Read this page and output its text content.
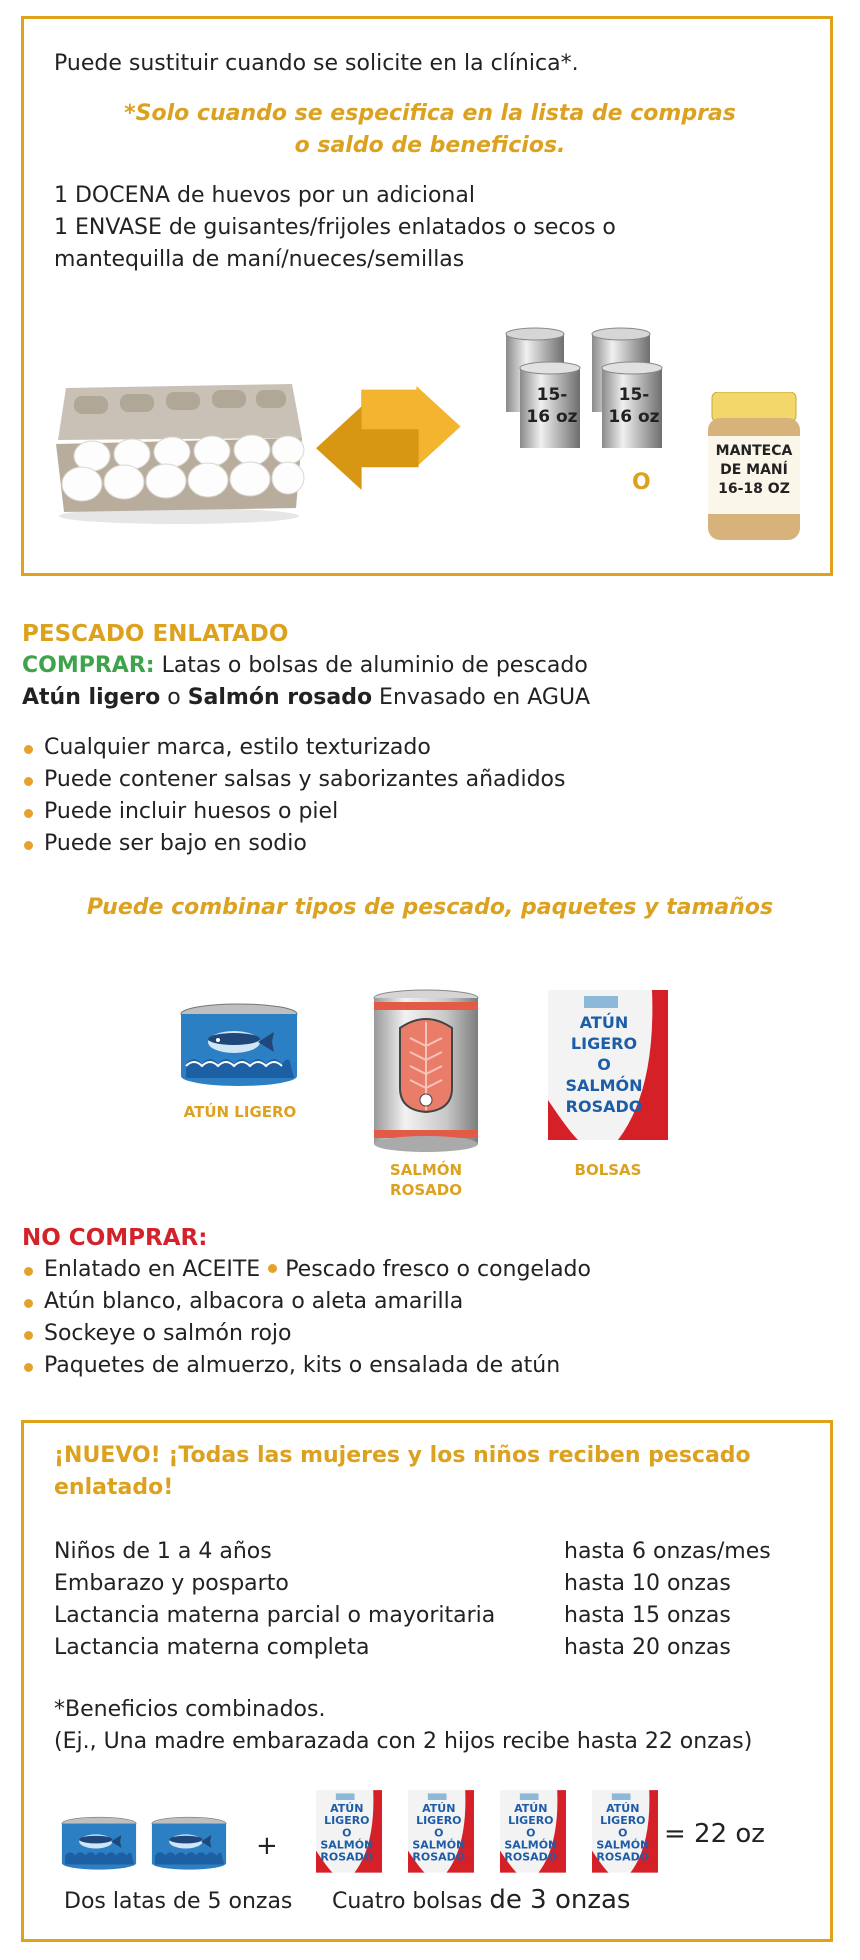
Puede sustituir cuando se solicite en la clínica*.
*Solo cuando se especifica en la lista de compras
o saldo de beneficios.
1 DOCENA de huevos por un adicional
1 ENVASE de guisantes/frijoles enlatados o secos o
mantequilla de maní/nueces/semillas
15-
16 oz
15-
16 oz
O
MANTECA
DE MANÍ
16-18 OZ
PESCADO ENLATADO
COMPRAR: Latas o bolsas de aluminio de pescado
Atún ligero o Salmón rosado Envasado en AGUA
Cualquier marca, estilo texturizado
Puede contener salsas y saborizantes añadidos
Puede incluir huesos o piel
Puede ser bajo en sodio
Puede combinar tipos de pescado, paquetes y tamaños
ATÚN LIGERO
SALMÓN
ROSADO
ATÚN
LIGERO
O
SALMÓN
ROSADO
BOLSAS
NO COMPRAR:
Enlatado en ACEITE Pescado fresco o congelado
Atún blanco, albacora o aleta amarilla
Sockeye o salmón rojo
Paquetes de almuerzo, kits o ensalada de atún
¡NUEVO! ¡Todas las mujeres y los niños reciben pescado
enlatado!
Niños de 1 a 4 años	hasta 6 onzas/mes
Embarazo y posparto	hasta 10 onzas
Lactancia materna parcial o mayoritaria	hasta 15 onzas
Lactancia materna completa	hasta 20 onzas
*Beneficios combinados.
(Ej., Una madre embarazada con 2 hijos recibe hasta 22 onzas)
+
ATÚN
LIGERO
O
SALMÓN
ROSADO
ATÚN
LIGERO
O
SALMÓN
ROSADO
ATÚN
LIGERO
O
SALMÓN
ROSADO
ATÚN
LIGERO
O
SALMÓN
ROSADO
= 22 oz
Dos latas de 5 onzas Cuatro bolsas de 3 onzas
